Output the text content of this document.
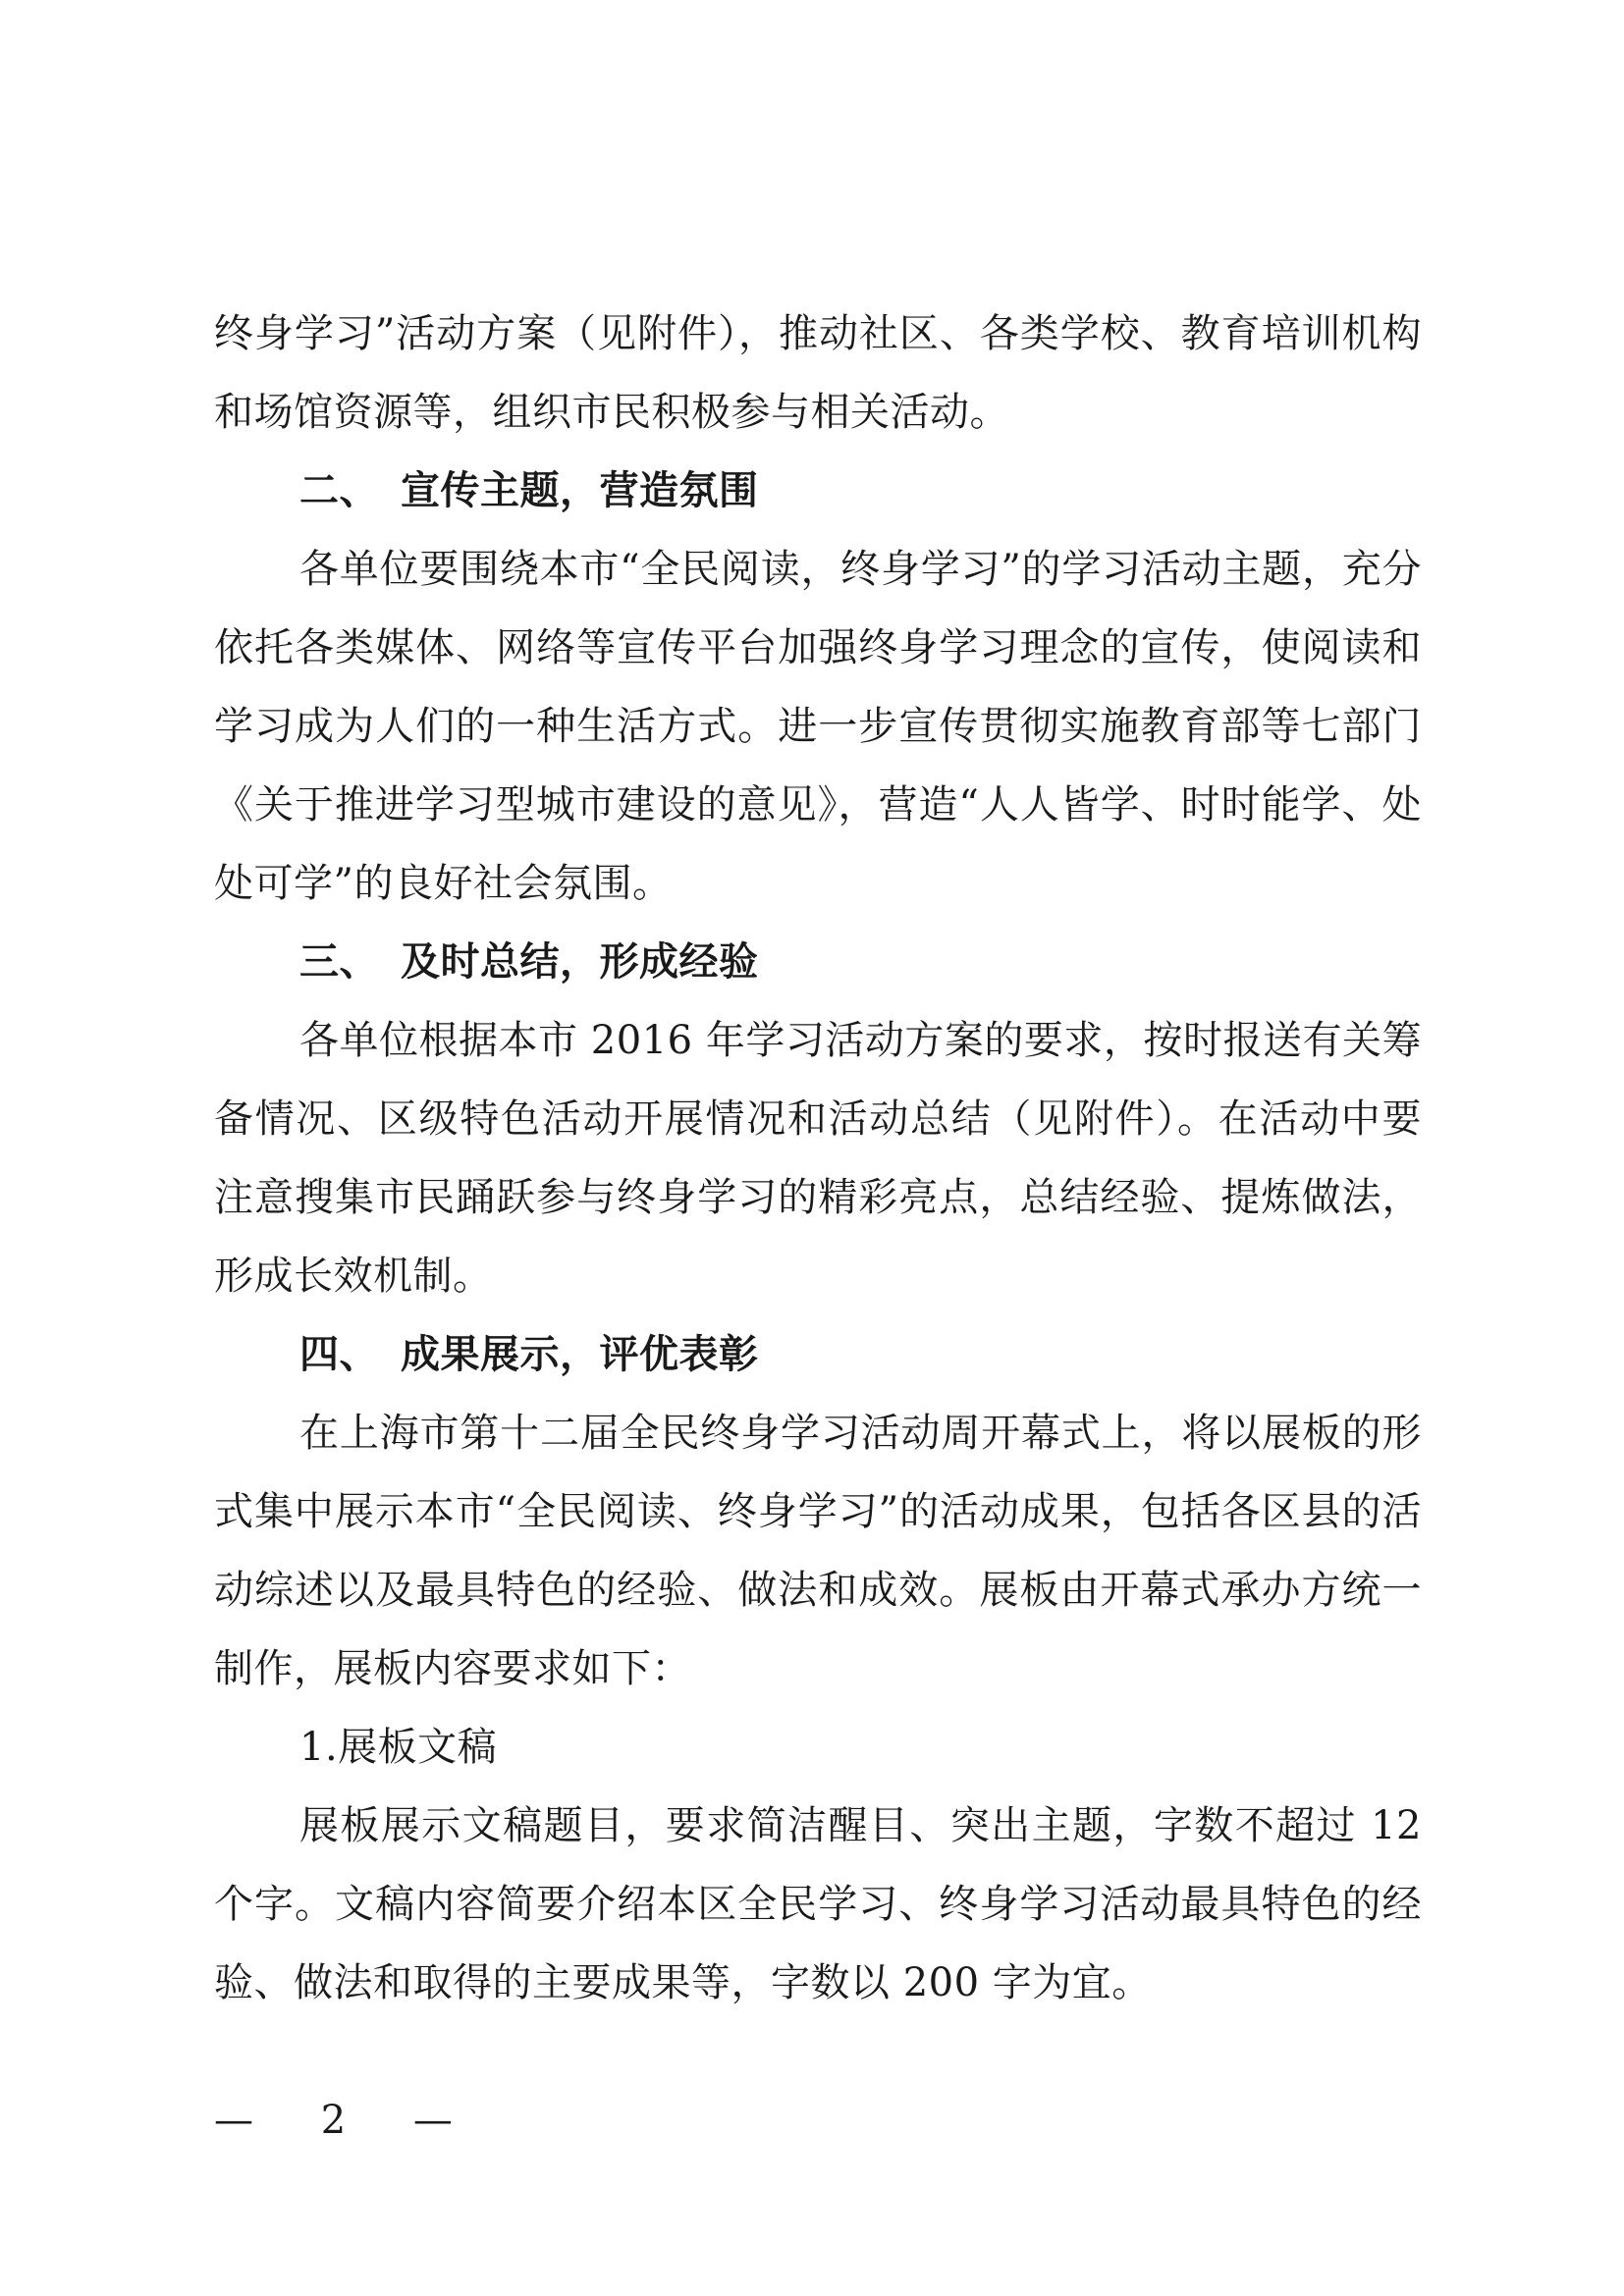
终身学习”活动方案（见附件），推动社区、各类学校、教育培训机构和场馆资源等，组织市民积极参与相关活动。

二、 宣传主题，营造氛围

各单位要围绕本市“全民阅读，终身学习”的学习活动主题，充分依托各类媒体、网络等宣传平台加强终身学习理念的宣传，使阅读和学习成为人们的一种生活方式。进一步宣传贯彻实施教育部等七部门《关于推进学习型城市建设的意见》，营造“人人皆学、时时能学、处处可学”的良好社会氛围。

三、 及时总结，形成经验

各单位根据本市 2016 年学习活动方案的要求，按时报送有关筹备情况、区级特色活动开展情况和活动总结（见附件）。在活动中要注意搜集市民踊跃参与终身学习的精彩亮点，总结经验、提炼做法，形成长效机制。

四、 成果展示，评优表彰

在上海市第十二届全民终身学习活动周开幕式上，将以展板的形式集中展示本市“全民阅读、终身学习”的活动成果，包括各区县的活动综述以及最具特色的经验、做法和成效。展板由开幕式承办方统一制作，展板内容要求如下：

1.展板文稿

展板展示文稿题目，要求简洁醒目、突出主题，字数不超过 12 个字。文稿内容简要介绍本区全民学习、终身学习活动最具特色的经验、做法和取得的主要成果等，字数以 200 字为宜。

— 2 —
